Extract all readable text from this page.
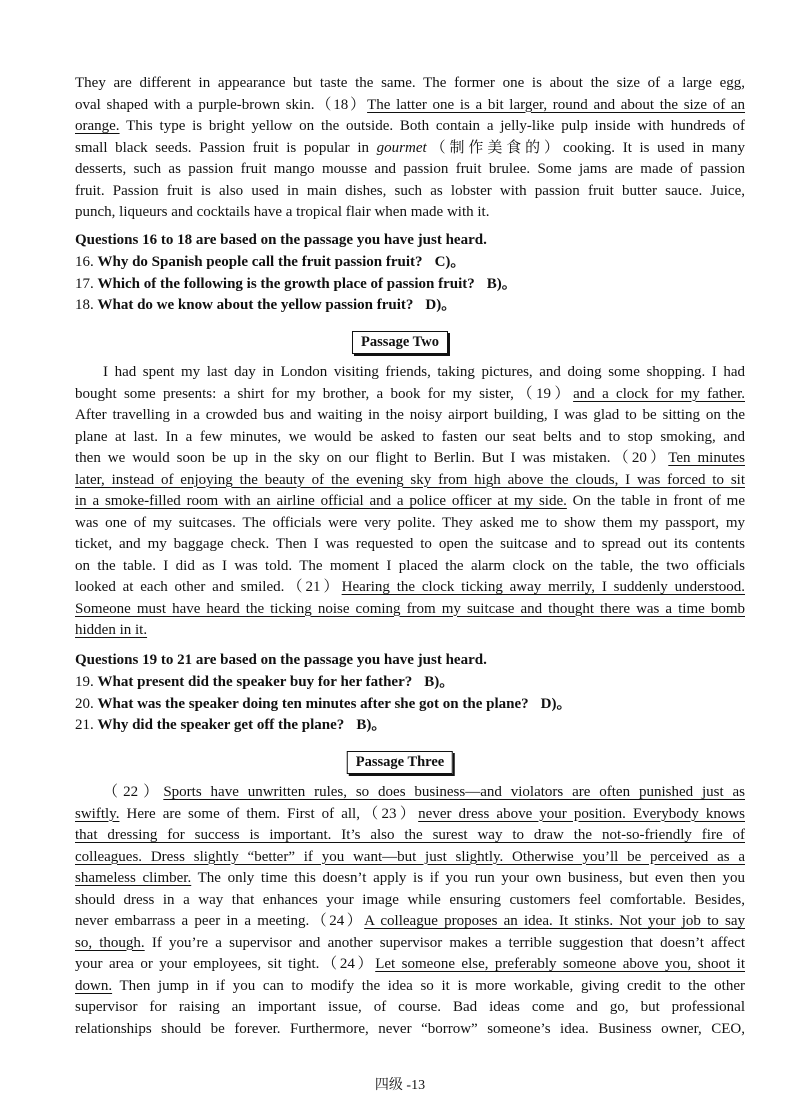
They are different in appearance but taste the same. The former one is about the size of a large egg,
oval shaped with a purple-brown skin.（18）The latter one is a bit larger, round and about the size of an
orange. This type is bright yellow on the outside. Both contain a jelly-like pulp inside with hundreds of
small black seeds. Passion fruit is popular in gourmet（制作美食的）cooking. It is used in many
desserts, such as passion fruit mango mousse and passion fruit brulee. Some jams are made of passion
fruit. Passion fruit is also used in main dishes, such as lobster with passion fruit butter sauce. Juice,
punch, liqueurs and cocktails have a tropical flair when made with it.
Questions 16 to 18 are based on the passage you have just heard.
16. Why do Spanish people call the fruit passion fruit? C)。
17. Which of the following is the growth place of passion fruit? B)。
18. What do we know about the yellow passion fruit? D)。
Passage Two
I had spent my last day in London visiting friends, taking pictures, and doing some shopping. I had
bought some presents: a shirt for my brother, a book for my sister,（19）and a clock for my father.
After travelling in a crowded bus and waiting in the noisy airport building, I was glad to be sitting on the
plane at last. In a few minutes, we would be asked to fasten our seat belts and to stop smoking, and
then we would soon be up in the sky on our flight to Berlin. But I was mistaken.（20）Ten minutes
later, instead of enjoying the beauty of the evening sky from high above the clouds, I was forced to sit
in a smoke-filled room with an airline official and a police officer at my side. On the table in front of me
was one of my suitcases. The officials were very polite. They asked me to show them my passport, my
ticket, and my baggage check. Then I was requested to open the suitcase and to spread out its contents
on the table. I did as I was told. The moment I placed the alarm clock on the table, the two officials
looked at each other and smiled.（21）Hearing the clock ticking away merrily, I suddenly understood.
Someone must have heard the ticking noise coming from my suitcase and thought there was a time bomb
hidden in it.
Questions 19 to 21 are based on the passage you have just heard.
19. What present did the speaker buy for her father? B)。
20. What was the speaker doing ten minutes after she got on the plane? D)。
21. Why did the speaker get off the plane? B)。
Passage Three
（22）Sports have unwritten rules, so does business—and violators are often punished just as
swiftly. Here are some of them. First of all,（23）never dress above your position. Everybody knows
that dressing for success is important. It’s also the surest way to draw the not-so-friendly fire of
colleagues. Dress slightly “better” if you want—but just slightly. Otherwise you’ll be perceived as a
shameless climber. The only time this doesn’t apply is if you run your own business, but even then you
should dress in a way that enhances your image while ensuring customers feel comfortable. Besides,
never embarrass a peer in a meeting.（24）A colleague proposes an idea. It stinks. Not your job to say
so, though. If you’re a supervisor and another supervisor makes a terrible suggestion that doesn’t affect
your area or your employees, sit tight.（24）Let someone else, preferably someone above you, shoot it
down. Then jump in if you can to modify the idea so it is more workable, giving credit to the other
supervisor for raising an important issue, of course. Bad ideas come and go, but professional
relationships should be forever. Furthermore, never “borrow” someone’s idea. Business owner, CEO,
四级 -13
